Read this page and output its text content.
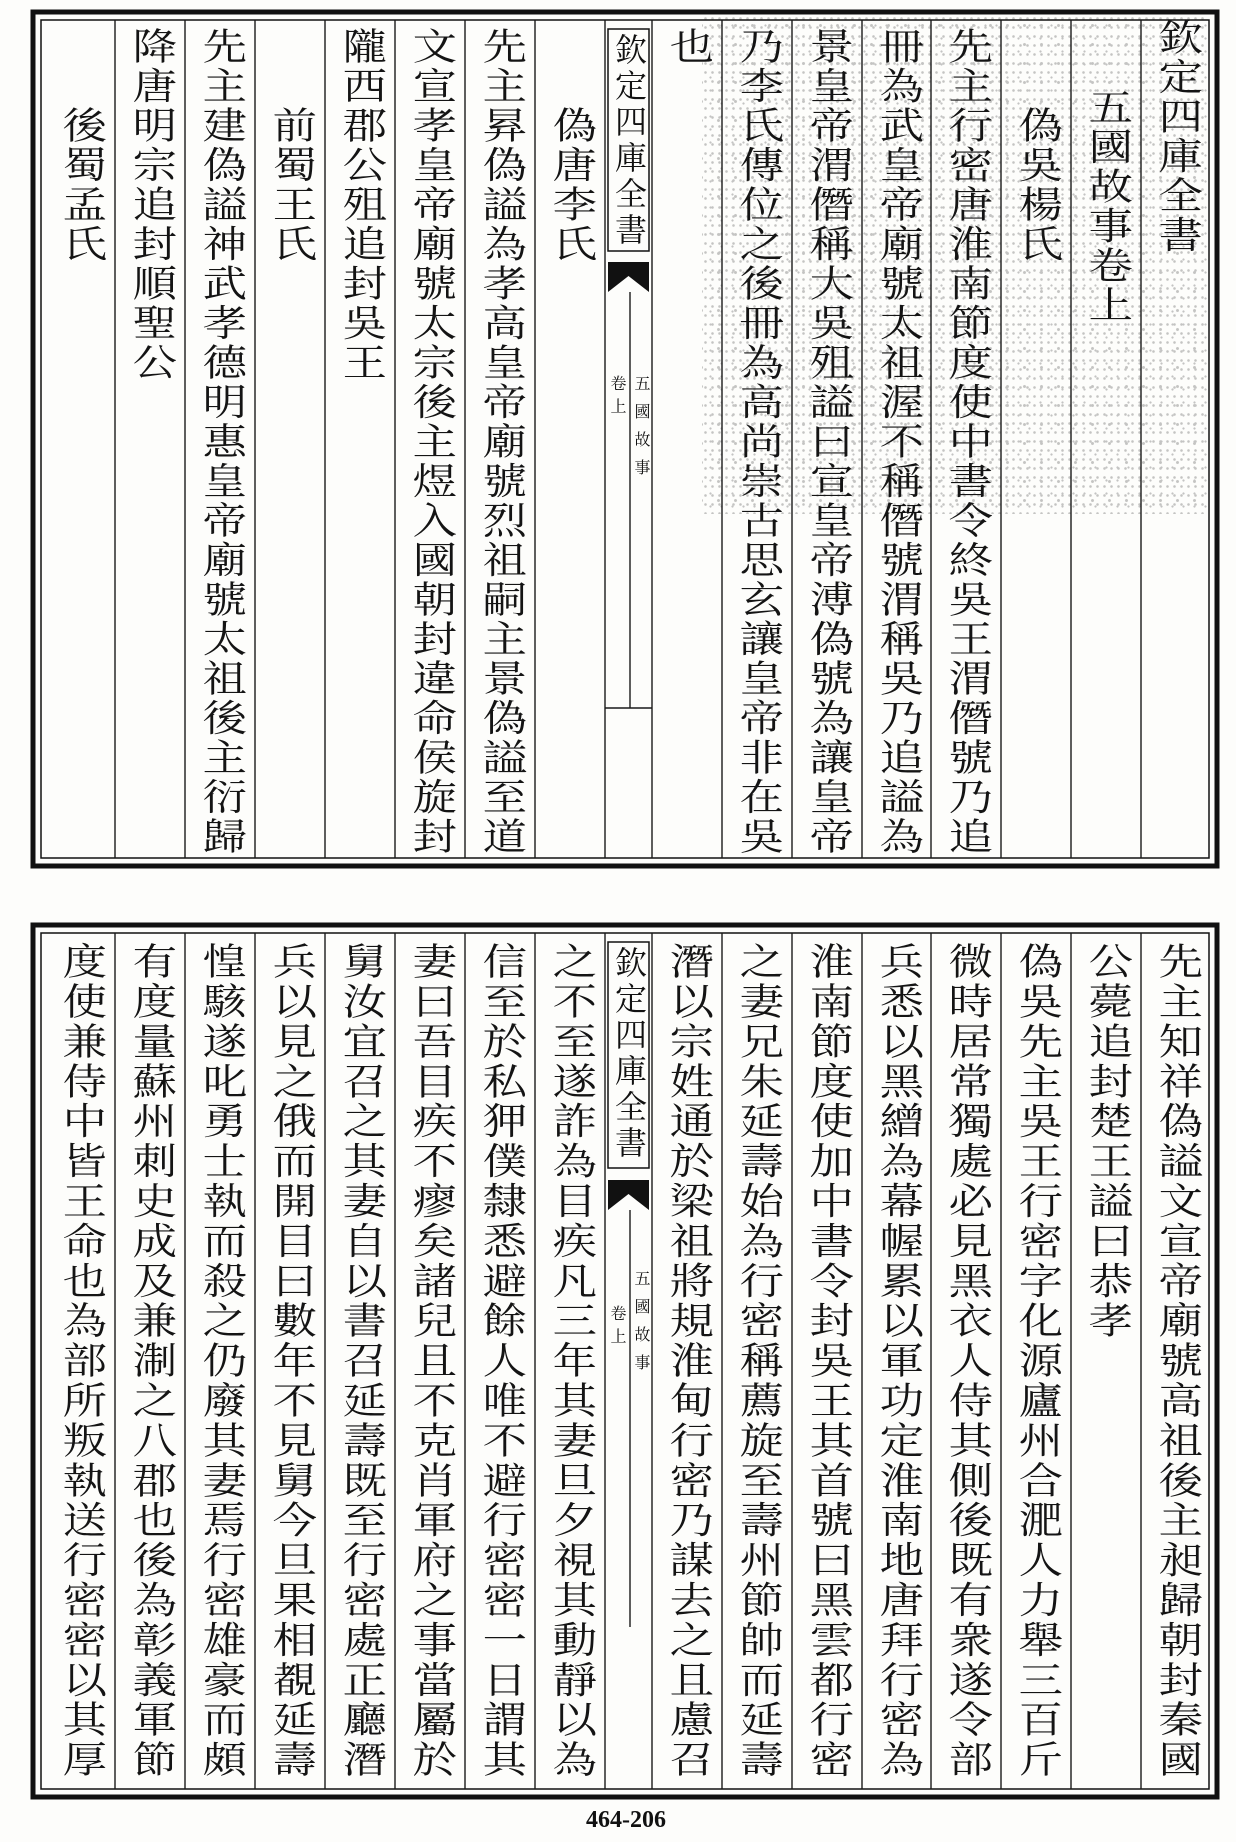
欽定四庫全書
五國故事卷上
偽吳楊氏
先主行密唐淮南節度使中書令終吳王渭僭號乃追
冊為武皇帝廟號太祖渥不稱僭號渭稱吳乃追謚為
景皇帝渭僭稱大吳殂謚曰宣皇帝溥偽號為讓皇帝
乃李氏傳位之後冊為高尚崇古思玄讓皇帝非在吳
也
欽定四庫全書
五國故事
卷上
偽唐李氏
先主昪偽謚為孝高皇帝廟號烈祖嗣主景偽謚至道
文宣孝皇帝廟號太宗後主煜入國朝封違命侯旋封
隴西郡公殂追封吳王
前蜀王氏
先主建偽謚神武孝德明惠皇帝廟號太祖後主衍歸
降唐明宗追封順聖公
後蜀孟氏
先主知祥偽謚文宣帝廟號高祖後主昶歸朝封秦國
公薨追封楚王謚曰恭孝
偽吳先主吳王行密字化源廬州合淝人力舉三百斤
微時居常獨處必見黑衣人侍其側後既有衆遂令部
兵悉以黑繒為幕幄累以軍功定淮南地唐拜行密為
淮南節度使加中書令封吳王其首號曰黑雲都行密
之妻兄朱延壽始為行密稱薦旋至壽州節帥而延壽
潛以宗姓通於梁祖將規淮甸行密乃謀去之且慮召
欽定四庫全書
五國故事
卷上
之不至遂詐為目疾凡三年其妻旦夕視其動靜以為
信至於私狎僕隸悉避餘人唯不避行密密一日謂其
妻曰吾目疾不瘳矣諸兒且不克肖軍府之事當屬於
舅汝宜召之其妻自以書召延壽既至行密處正廳潛
兵以見之俄而開目曰數年不見舅今旦果相覩延壽
惶駭遂叱勇士執而殺之仍廢其妻焉行密雄豪而頗
有度量蘇州刺史成及兼淛之八郡也後為彰義軍節
度使兼侍中皆王命也為部所叛執送行密密以其厚
464-206
